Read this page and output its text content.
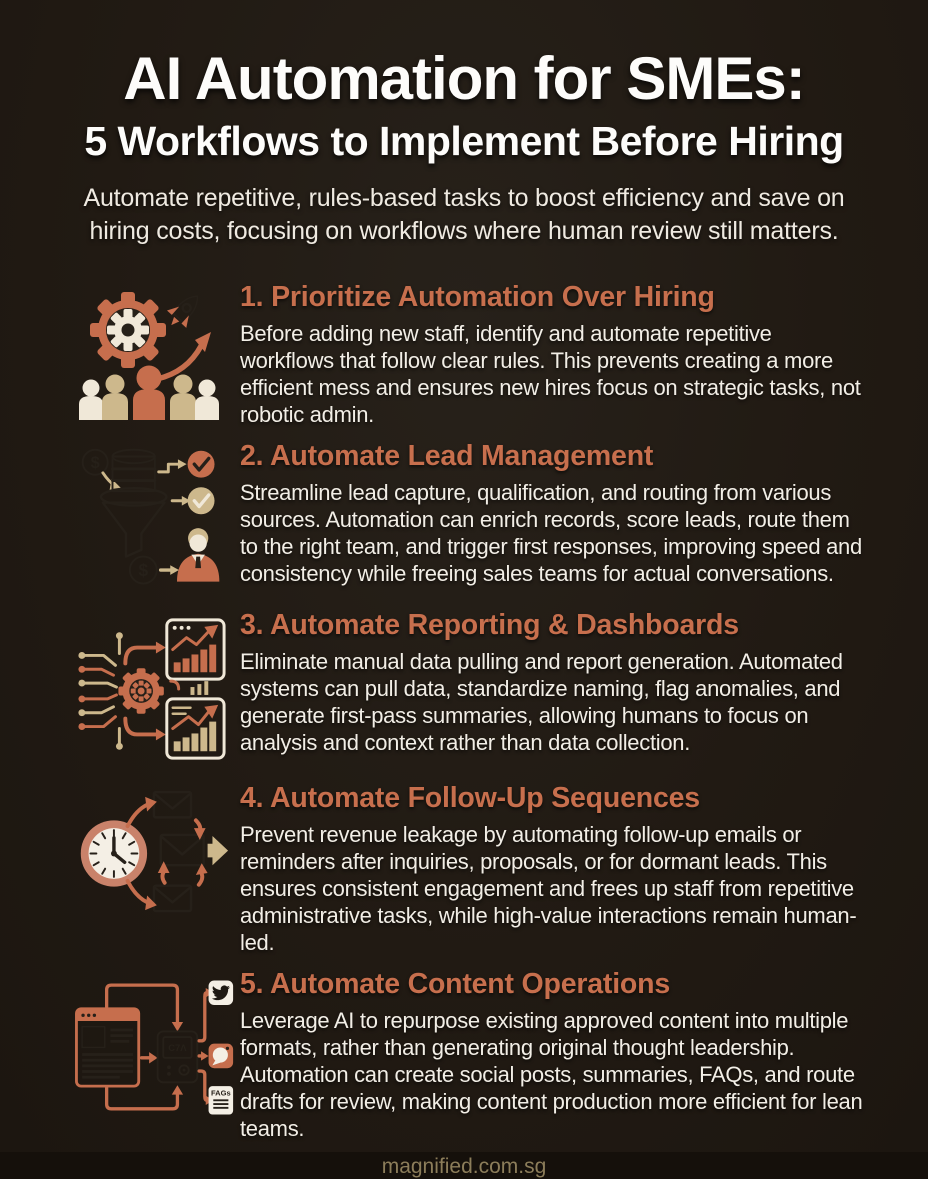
AI Automation for SMEs:
5 Workflows to Implement Before Hiring

Automate repetitive, rules-based tasks to boost efficiency and save on hiring costs, focusing on workflows where human review still matters.

1. Prioritize Automation Over Hiring

Before adding new staff, identify and automate repetitive workflows that follow clear rules. This prevents creating a more efficient mess and ensures new hires focus on strategic tasks, not robotic admin.

$
$
2. Automate Lead Management

Streamline lead capture, qualification, and routing from various sources. Automation can enrich records, score leads, route them to the right team, and trigger first responses, improving speed and consistency while freeing sales teams for actual conversations.

3. Automate Reporting & Dashboards

Eliminate manual data pulling and report generation. Automated systems can pull data, standardize naming, flag anomalies, and generate first-pass summaries, allowing humans to focus on analysis and context rather than data collection.

4. Automate Follow-Up Sequences

Prevent revenue leakage by automating follow-up emails or reminders after inquiries, proposals, or for dormant leads. This ensures consistent engagement and frees up staff from repetitive administrative tasks, while high-value interactions remain human-led.

C7Λ
FAGs
5. Automate Content Operations

Leverage AI to repurpose existing approved content into multiple formats, rather than generating original thought leadership. Automation can create social posts, summaries, FAQs, and route drafts for review, making content production more efficient for lean teams.

magnified.com.sg
